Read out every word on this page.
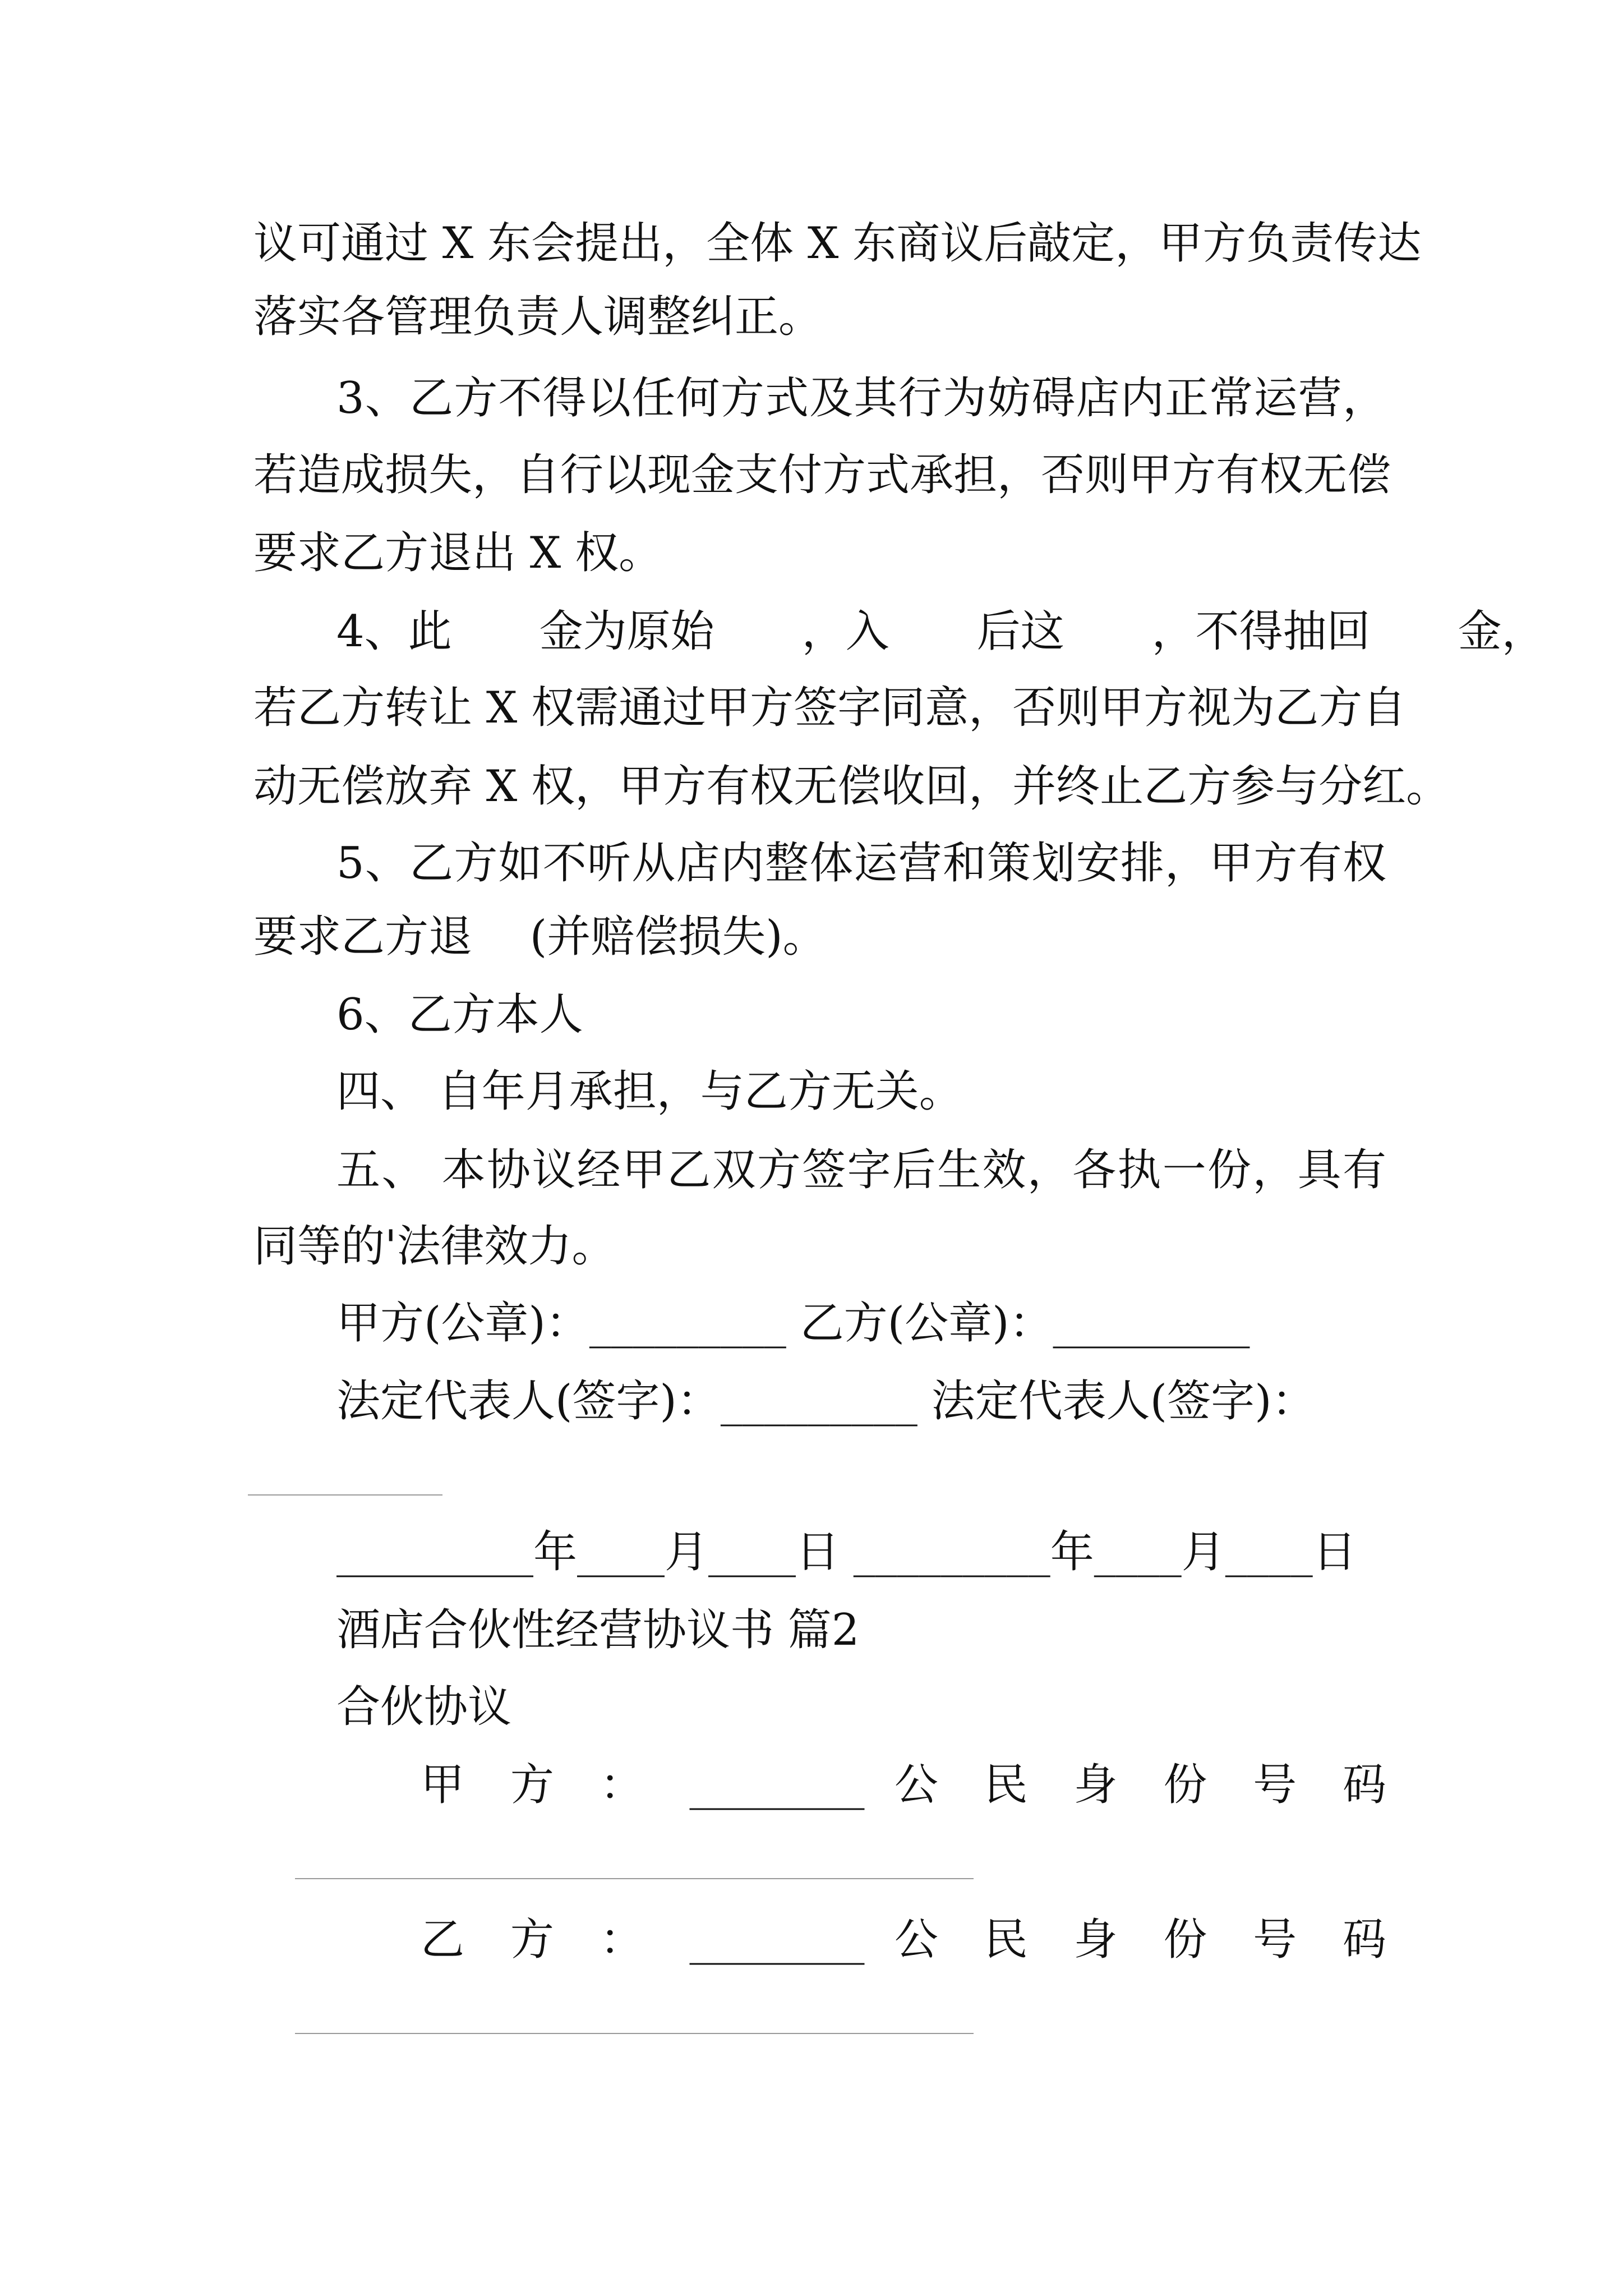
议可通过 X 东会提出，全体 X 东商议后敲定，甲方负责传达
落实各管理负责人调整纠正。
3、乙方不得以任何方式及其行为妨碍店内正常运营，
若造成损失，自行以现金支付方式承担，否则甲方有权无偿
要求乙方退出 X 权。
4、此　　金为原始　　，入　　后这　　，不得抽回　　金，
若乙方转让 X 权需通过甲方签字同意，否则甲方视为乙方自
动无偿放弃 X 权，甲方有权无偿收回，并终止乙方参与分红。
5、乙方如不听从店内整体运营和策划安排，甲方有权
要求乙方退　 (并赔偿损失)。
6、乙方本人
四、 自年月承担，与乙方无关。
五、 本协议经甲乙双方签字后生效，各执一份，具有
同等的'法律效力。
甲方(公章)：_________ 乙方(公章)：_________
法定代表人(签字)：_________ 法定代表人(签字)：
_________年____月____日 _________年____月____日
酒店合伙性经营协议书 篇2
合伙协议
甲 方 ： ________ 公 民 身 份 号 码
乙 方 ： ________ 公 民 身 份 号 码
